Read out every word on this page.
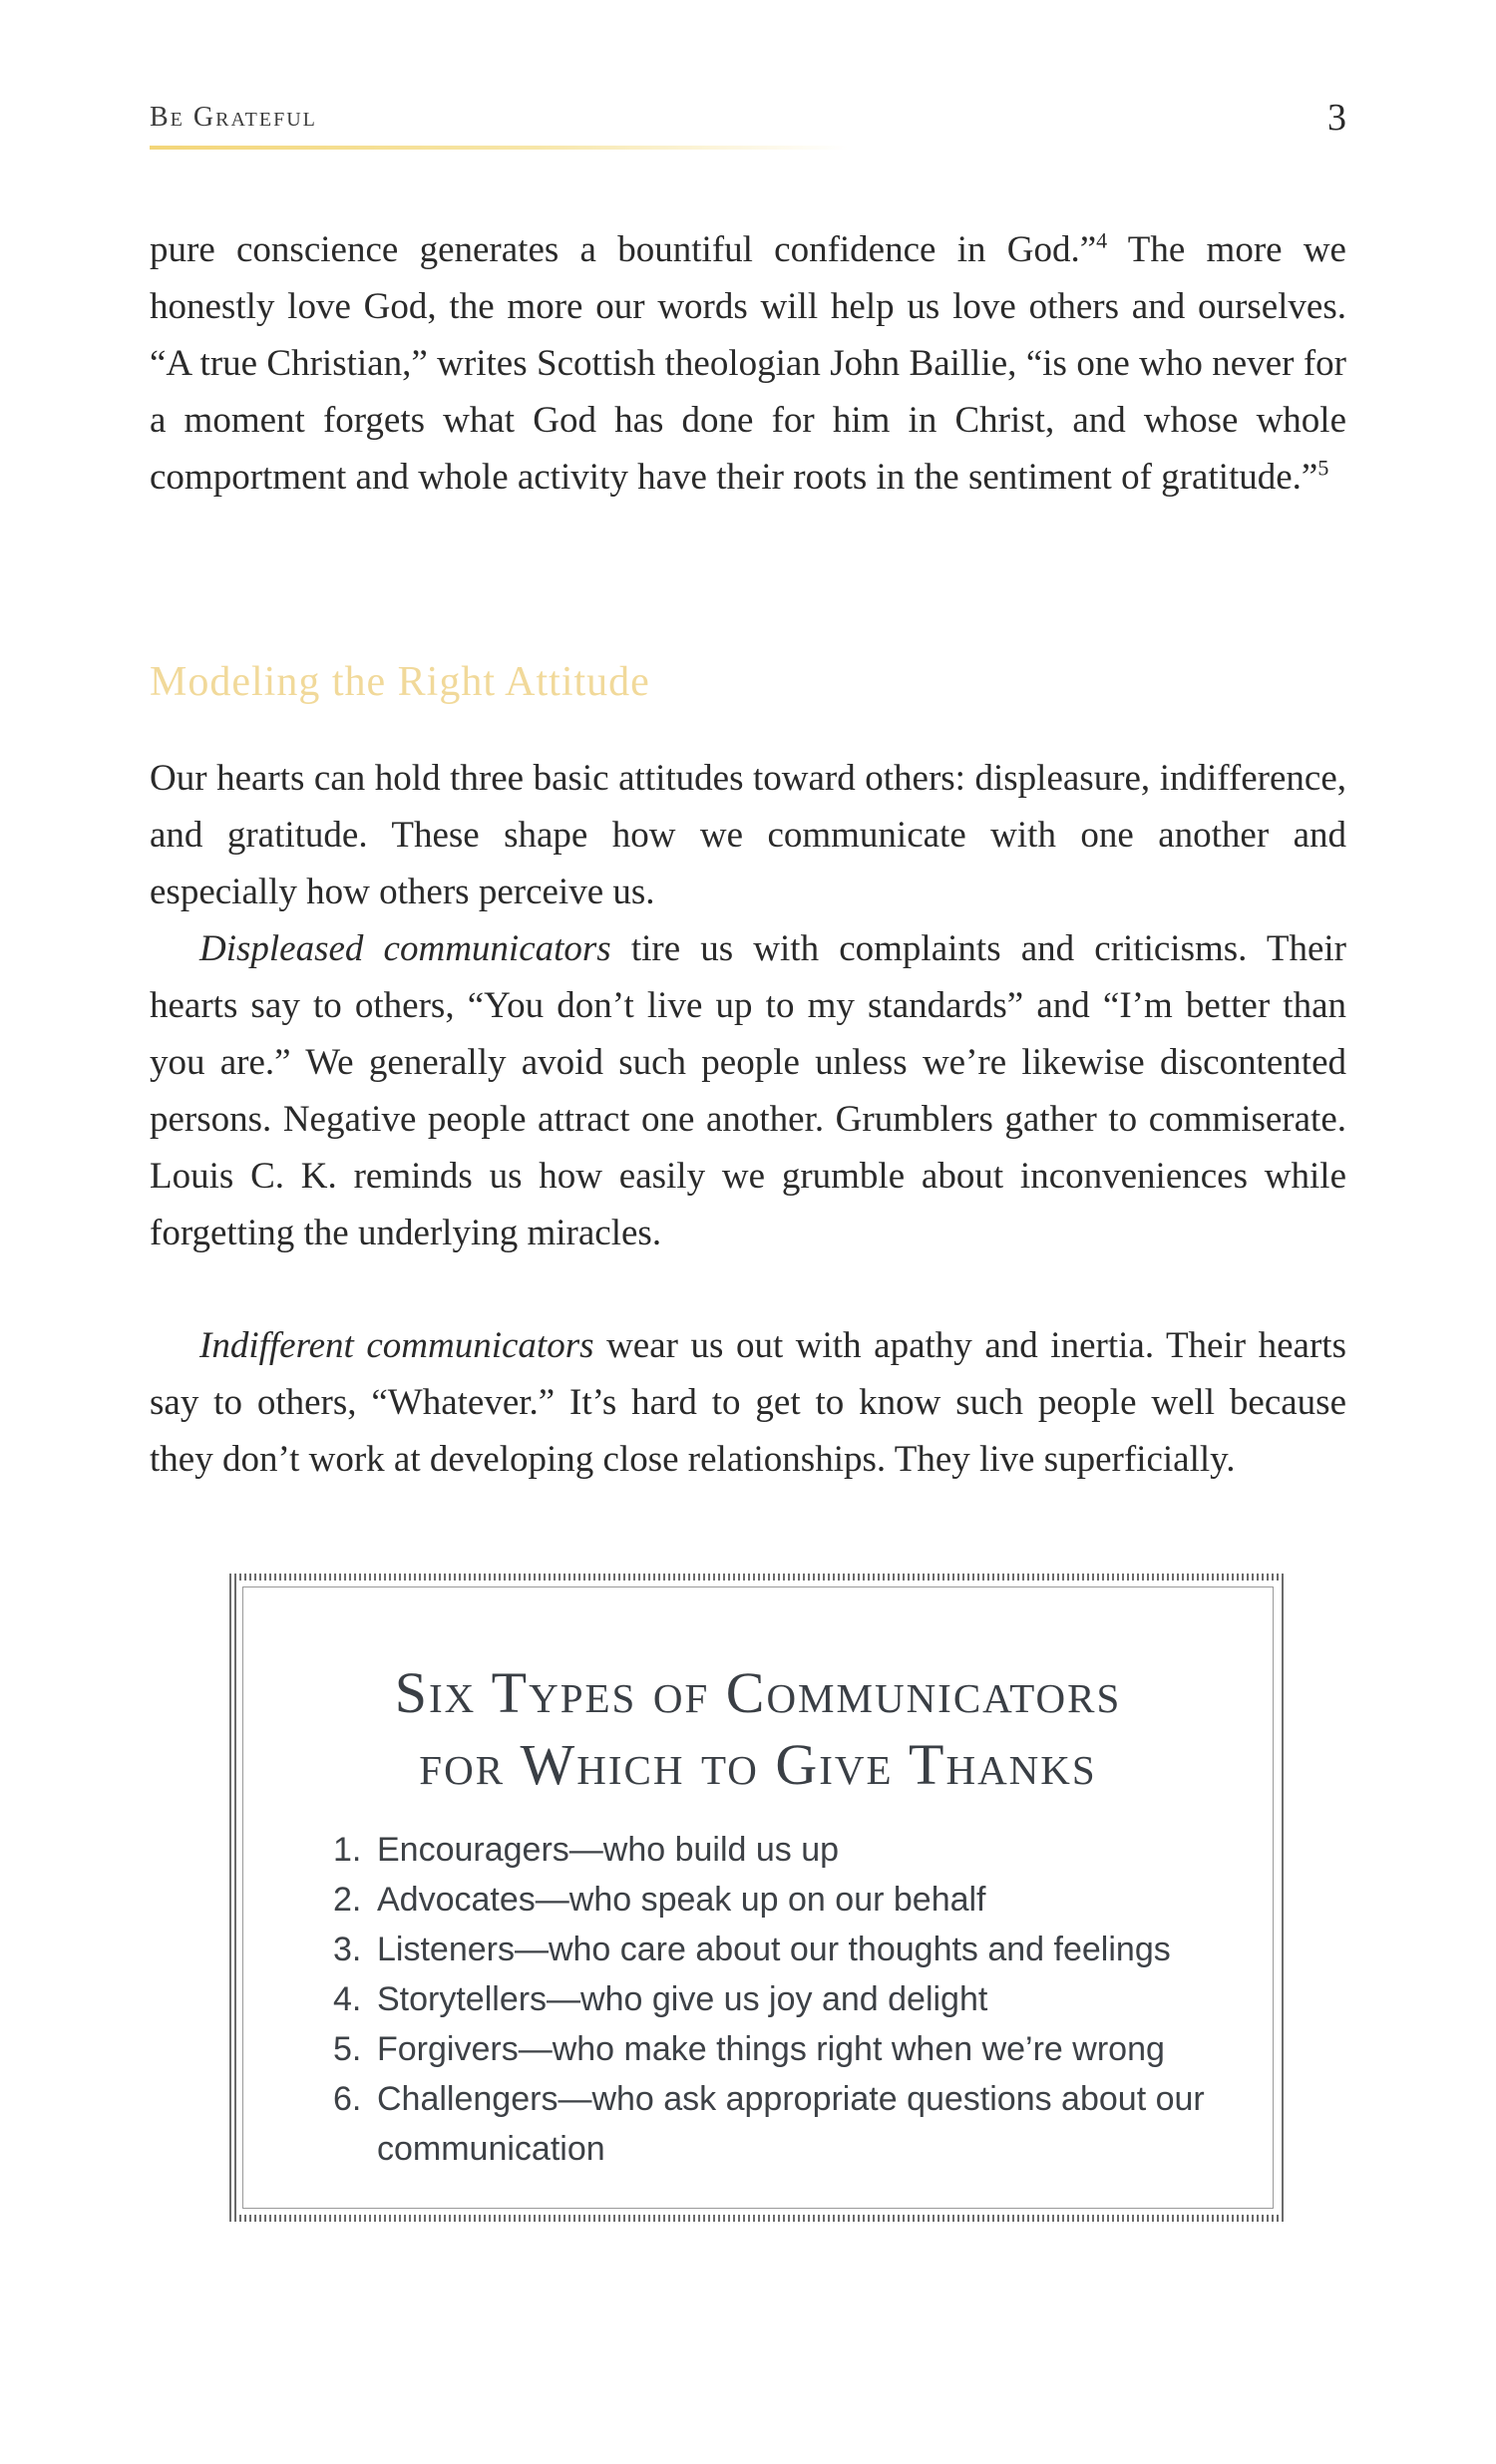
Be Grateful	3

pure conscience generates a bountiful confidence in God.”$^4$ The more we honestly love God, the more our words will help us love others and ourselves. “A true Christian,” writes Scottish theologian John Baillie, “is one who never for a moment forgets what God has done for him in Christ, and whose whole comportment and whole activity have their roots in the sentiment of gratitude.”$^5$

Modeling the Right Attitude

Our hearts can hold three basic attitudes toward others: displeasure, indifference, and gratitude. These shape how we communicate with one another and especially how others perceive us.

Displeased communicators tire us with complaints and criticisms. Their hearts say to others, “You don’t live up to my standards” and “I’m better than you are.” We generally avoid such people unless we’re likewise discontented persons. Negative people attract one another. Grumblers gather to commiserate. Louis C. K. reminds us how easily we grumble about inconveniences while forgetting the underlying miracles.

Indifferent communicators wear us out with apathy and inertia. Their hearts say to others, “Whatever.” It’s hard to get to know such people well because they don’t work at developing close relationships. They live superficially.

Six Types of Communicators
for Which to Give Thanks
1. Encouragers—who build us up
2. Advocates—who speak up on our behalf
3. Listeners—who care about our thoughts and feelings
4. Storytellers—who give us joy and delight
5. Forgivers—who make things right when we’re wrong
6. Challengers—who ask appropriate questions about our communication
